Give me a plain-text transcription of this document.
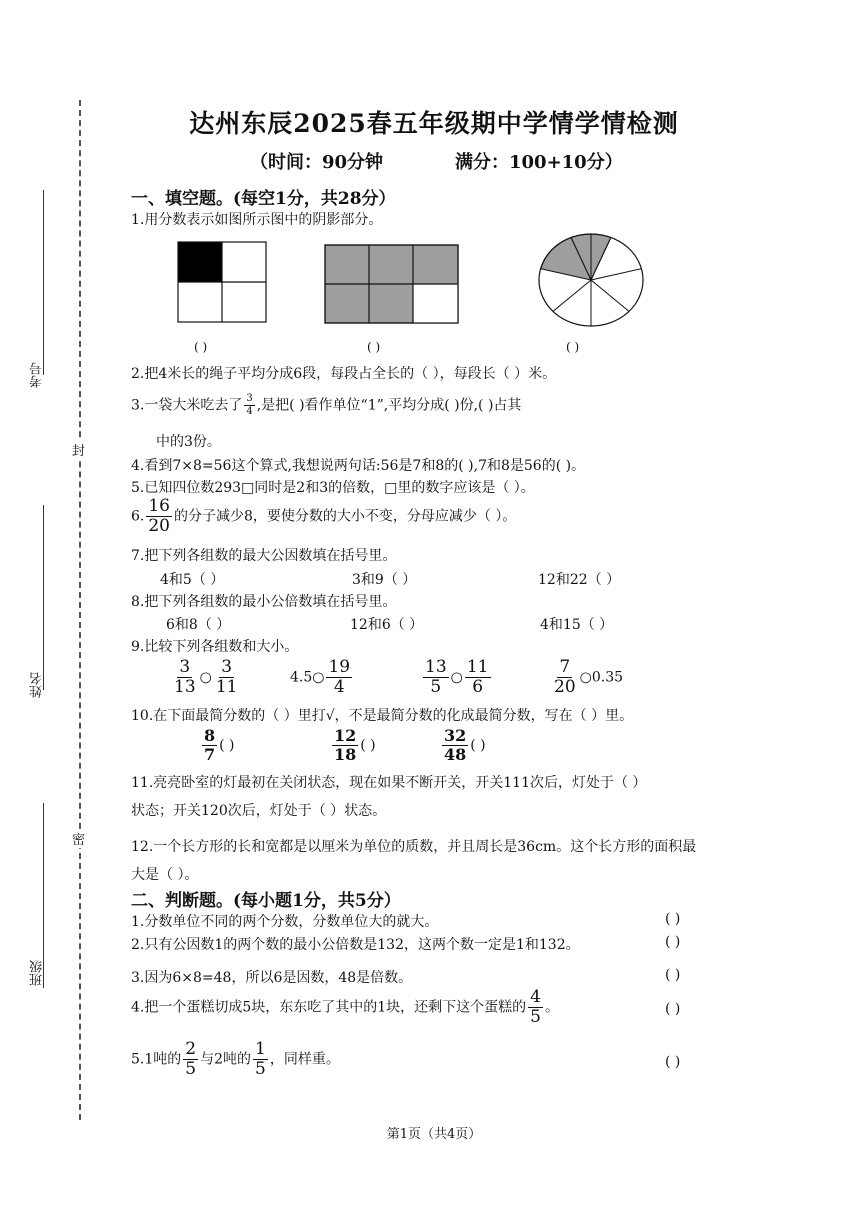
考号
姓名
班级
封
密
达州东辰2025春五年级期中学情学情检测
（时间：90分钟	满分：100+10分）
一、填空题。(每空1分，共28分）
1.用分数表示如图所示图中的阴影部分。
( )	( )	( )
2.把4米长的绳子平均分成6段，每段占全长的（ ），每段长（ ）米。
3.一袋大米吃去了 $\frac{3}{4}$ ,是把( )看作单位“1”,平均分成( )份,( )占其
中的3份。
4.看到7×8=56这个算式,我想说两句话:56是7和8的( ),7和8是56的( )。
5.已知四位数293□同时是2和3的倍数，□里的数字应该是（ ）。
6. $\frac{16}{20}$ 的分子减少8，要使分数的大小不变，分母应减少（ ）。
7.把下列各组数的最大公因数填在括号里。
4和5（ ）	3和9（ ）	12和22（ ）
8.把下列各组数的最小公倍数填在括号里。
6和8（ ）	12和6（ ）	4和15（ ）
9.比较下列各组数和大小。
$\frac{3}{13}$ ○ $\frac{3}{11}$	4.5○ $\frac{19}{4}$	$\frac{13}{5}$ ○ $\frac{11}{6}$	$\frac{7}{20}$ ○0.35
10.在下面最简分数的（ ）里打√，不是最简分数的化成最简分数，写在（ ）里。
$\frac{8}{7}$ ( )	$\frac{12}{18}$ ( )	$\frac{32}{48}$ ( )
11.亮亮卧室的灯最初在关闭状态，现在如果不断开关，开关111次后，灯处于（ ）
状态；开关120次后，灯处于（ ）状态。
12.一个长方形的长和宽都是以厘米为单位的质数，并且周长是36cm。这个长方形的面积最
大是（ ）。
二、判断题。(每小题1分，共5分）
1.分数单位不同的两个分数，分数单位大的就大。	( )
2.只有公因数1的两个数的最小公倍数是132，这两个数一定是1和132。	( )
3.因为6×8=48，所以6是因数，48是倍数。	( )
4.把一个蛋糕切成5块，东东吃了其中的1块，还剩下这个蛋糕的 $\frac{4}{5}$ 。	( )
5.1吨的 $\frac{2}{5}$ 与2吨的 $\frac{1}{5}$ ，同样重。	( )
第1页（共4页）
